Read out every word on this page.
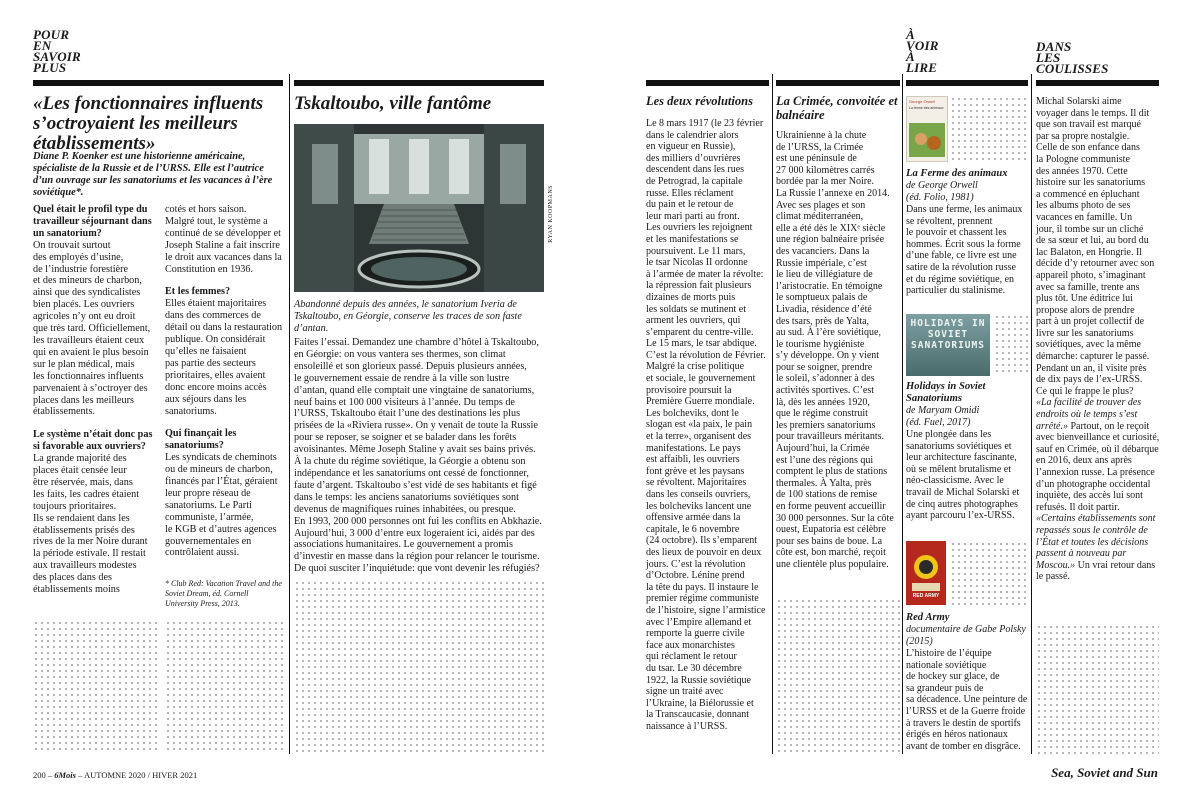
POUR
EN
SAVOIR
PLUS
«Les fonctionnaires influents s’octroyaient les meilleurs établissements»
Diane P. Koenker est une historienne américaine, spécialiste de la Russie et de l’URSS. Elle est l’autrice d’un ouvrage sur les sanatoriums et les vacances à l’ère soviétique*.
Quel était le profil type du travailleur séjournant dans un sanatorium?
On trouvait surtout
des employés d’usine,
de l’industrie forestière
et des mineurs de charbon,
ainsi que des syndicalistes
bien placés. Les ouvriers
agricoles n’y ont eu droit
que très tard. Officiellement,
les travailleurs étaient ceux
qui en avaient le plus besoin
sur le plan médical, mais
les fonctionnaires influents
parvenaient à s’octroyer des
places dans les meilleurs
établissements.
Le système n’était donc pas si favorable aux ouvriers?
La grande majorité des
places était censée leur
être réservée, mais, dans
les faits, les cadres étaient
toujours prioritaires.
Ils se rendaient dans les
établissements prisés des
rives de la mer Noire durant
la période estivale. Il restait
aux travailleurs modestes
des places dans des
établissements moins
cotés et hors saison.
Malgré tout, le système a
continué de se développer et
Joseph Staline a fait inscrire
le droit aux vacances dans la
Constitution en 1936.
Et les femmes?
Elles étaient majoritaires
dans des commerces de
détail ou dans la restauration
publique. On considérait
qu’elles ne faisaient
pas partie des secteurs
prioritaires, elles avaient
donc encore moins accès
aux séjours dans les
sanatoriums.
Qui finançait les sanatoriums?
Les syndicats de cheminots
ou de mineurs de charbon,
financés par l’État, géraient
leur propre réseau de
sanatoriums. Le Parti
communiste, l’armée,
le KGB et d’autres agences
gouvernementales en
contrôlaient aussi.
* Club Red: Vacation Travel and the Soviet Dream, éd. Cornell University Press, 2013.
Tskaltoubo, ville fantôme
RYAN KOOPMANS
Abandonné depuis des années, le sanatorium Iveria de Tskaltoubo, en Géorgie, conserve les traces de son faste d’antan.
Faites l’essai. Demandez une chambre d’hôtel à Tskaltoubo,
en Géorgie: on vous vantera ses thermes, son climat
ensoleillé et son glorieux passé. Depuis plusieurs années,
le gouvernement essaie de rendre à la ville son lustre
d’antan, quand elle comptait une vingtaine de sanatoriums,
neuf bains et 100 000 visiteurs à l’année. Du temps de
l’URSS, Tskaltoubo était l’une des destinations les plus
prisées de la «Riviera russe». On y venait de toute la Russie
pour se reposer, se soigner et se balader dans les forêts
avoisinantes. Même Joseph Staline y avait ses bains privés.
À la chute du régime soviétique, la Géorgie a obtenu son
indépendance et les sanatoriums ont cessé de fonctionner,
faute d’argent. Tskaltoubo s’est vidé de ses habitants et figé
dans le temps: les anciens sanatoriums soviétiques sont
devenus de magnifiques ruines inhabitées, ou presque.
En 1993, 200 000 personnes ont fui les conflits en Abkhazie.
Aujourd’hui, 3 000 d’entre eux logeraient ici, aidés par des
associations humanitaires. Le gouvernement a promis
d’investir en masse dans la région pour relancer le tourisme.
De quoi susciter l’inquiétude: que vont devenir les réfugiés?
200 – 6Mois – AUTOMNE 2020 / HIVER 2021
Les deux révolutions
Le 8 mars 1917 (le 23 février
dans le calendrier alors
en vigueur en Russie),
des milliers d’ouvrières
descendent dans les rues
de Petrograd, la capitale
russe. Elles réclament
du pain et le retour de
leur mari parti au front.
Les ouvriers les rejoignent
et les manifestations se
poursuivent. Le 11 mars,
le tsar Nicolas II ordonne
à l’armée de mater la révolte:
la répression fait plusieurs
dizaines de morts puis
les soldats se mutinent et
arment les ouvriers, qui
s’emparent du centre-ville.
Le 15 mars, le tsar abdique.
C’est la révolution de Février.
Malgré la crise politique
et sociale, le gouvernement
provisoire poursuit la
Première Guerre mondiale.
Les bolcheviks, dont le
slogan est «la paix, le pain
et la terre», organisent des
manifestations. Le pays
est affaibli, les ouvriers
font grève et les paysans
se révoltent. Majoritaires
dans les conseils ouvriers,
les bolcheviks lancent une
offensive armée dans la
capitale, le 6 novembre
(24 octobre). Ils s’emparent
des lieux de pouvoir en deux
jours. C’est la révolution
d’Octobre. Lénine prend
la tête du pays. Il instaure le
premier régime communiste
de l’histoire, signe l’armistice
avec l’Empire allemand et
remporte la guerre civile
face aux monarchistes
qui réclament le retour
du tsar. Le 30 décembre
1922, la Russie soviétique
signe un traité avec
l’Ukraine, la Biélorussie et
la Transcaucasie, donnant
naissance à l’URSS.
La Crimée, convoitée et balnéaire
Ukrainienne à la chute
de l’URSS, la Crimée
est une péninsule de
27 000 kilomètres carrés
bordée par la mer Noire.
La Russie l’annexe en 2014.
Avec ses plages et son
climat méditerranéen,
elle a été dès le XIXᵉ siècle
une région balnéaire prisée
des vacanciers. Dans la
Russie impériale, c’est
le lieu de villégiature de
l’aristocratie. En témoigne
le somptueux palais de
Livadia, résidence d’été
des tsars, près de Yalta,
au sud. À l’ère soviétique,
le tourisme hygiéniste
s’y développe. On y vient
pour se soigner, prendre
le soleil, s’adonner à des
activités sportives. C’est
là, dès les années 1920,
que le régime construit
les premiers sanatoriums
pour travailleurs méritants.
Aujourd’hui, la Crimée
est l’une des régions qui
comptent le plus de stations
thermales. À Yalta, près
de 100 stations de remise
en forme peuvent accueillir
30 000 personnes. Sur la côte
ouest, Eupatoria est célèbre
pour ses bains de boue. La
côte est, bon marché, reçoit
une clientèle plus populaire.
À
VOIR
À
LIRE
George Orwell
La ferme des animaux
La Ferme des animaux
de George Orwell
(éd. Folio, 1981)
Dans une ferme, les animaux
se révoltent, prennent
le pouvoir et chassent les
hommes. Écrit sous la forme
d’une fable, ce livre est une
satire de la révolution russe
et du régime soviétique, en
particulier du stalinisme.
HOLIDAYS IN SOVIET SANATORIUMS
Holidays in Soviet Sanatoriums
de Maryam Omidi
(éd. Fuel, 2017)
Une plongée dans les
sanatoriums soviétiques et
leur architecture fascinante,
où se mêlent brutalisme et
néo-classicisme. Avec le
travail de Michal Solarski et
de cinq autres photographes
ayant parcouru l’ex-URSS.
RED ARMY
Red Army
documentaire de Gabe Polsky
(2015)
L’histoire de l’équipe
nationale soviétique
de hockey sur glace, de
sa grandeur puis de
sa décadence. Une peinture de
l’URSS et de la Guerre froide
à travers le destin de sportifs
érigés en héros nationaux
avant de tomber en disgrâce.
DANS
LES
COULISSES
Michal Solarski aime
voyager dans le temps. Il dit
que son travail est marqué
par sa propre nostalgie.
Celle de son enfance dans
la Pologne communiste
des années 1970. Cette
histoire sur les sanatoriums
a commencé en épluchant
les albums photo de ses
vacances en famille. Un
jour, il tombe sur un cliché
de sa sœur et lui, au bord du
lac Balaton, en Hongrie. Il
décide d’y retourner avec son
appareil photo, s’imaginant
avec sa famille, trente ans
plus tôt. Une éditrice lui
propose alors de prendre
part à un projet collectif de
livre sur les sanatoriums
soviétiques, avec la même
démarche: capturer le passé.
Pendant un an, il visite près
de dix pays de l’ex-URSS.
Ce qui le frappe le plus?
«La facilité de trouver des endroits où le temps s’est arrêté.» Partout, on le reçoit avec bienveillance et curiosité, sauf en Crimée, où il débarque en 2016, deux ans après l’annexion russe. La présence d’un photographe occidental inquiète, des accès lui sont refusés. Il doit partir. «Certains établissements sont repassés sous le contrôle de l’État et toutes les décisions passent à nouveau par Moscou.» Un vrai retour dans le passé.
Sea, Soviet and Sun
